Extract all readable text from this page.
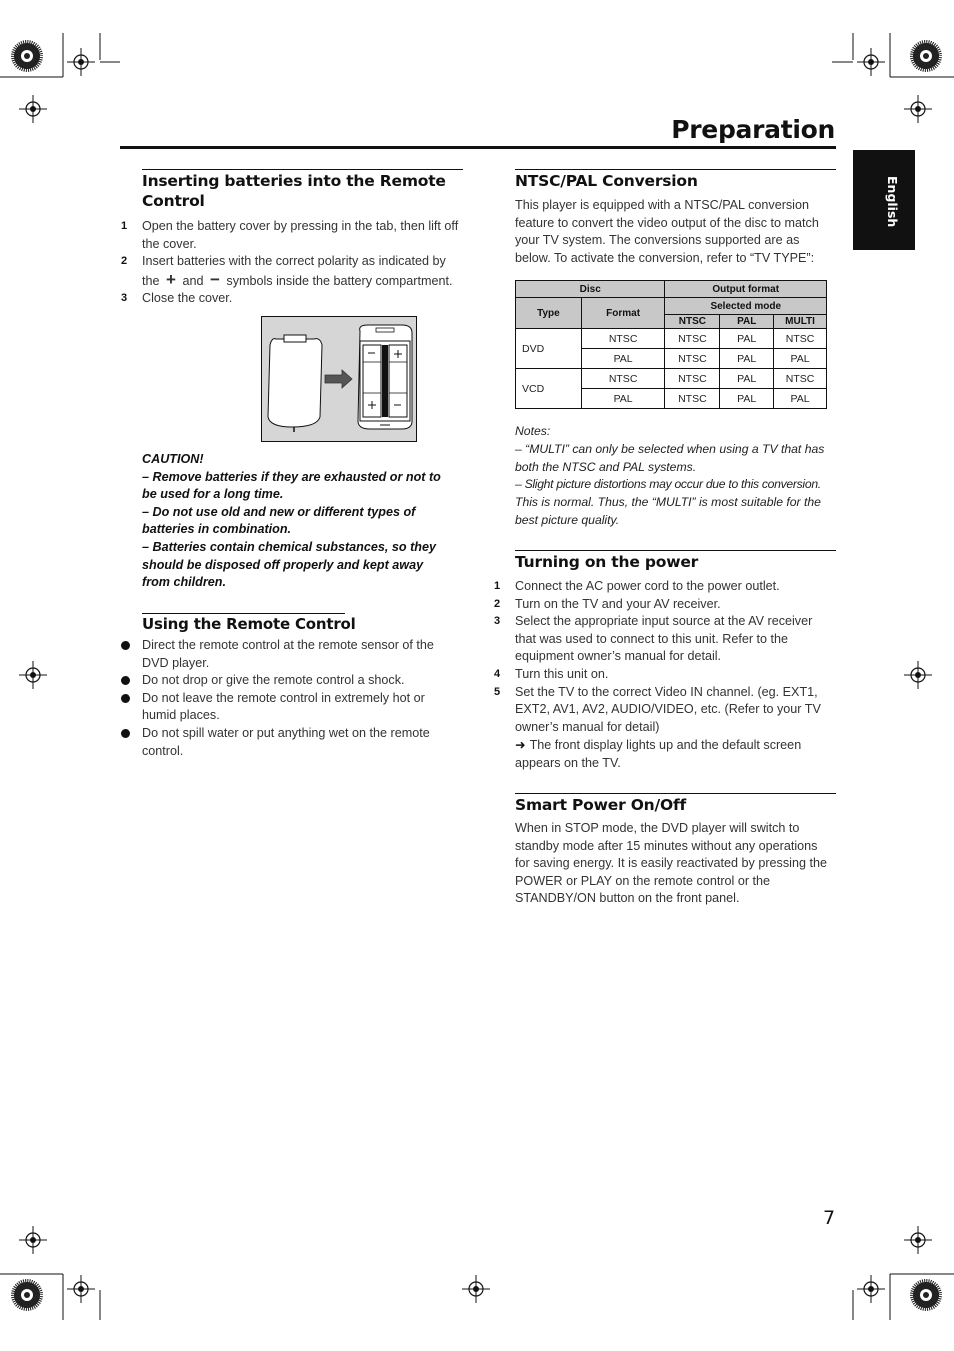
Preparation
English
Inserting batteries into the Remote
Control
1 Open the battery cover by pressing in the tab, then lift off
the cover.
2 Insert batteries with the correct polarity as indicated by
the + and − symbols inside the battery compartment.
3 Close the cover.
CAUTION!
– Remove batteries if they are exhausted or not to
be used for a long time.
– Do not use old and new or different types of
batteries in combination.
– Batteries contain chemical substances, so they
should be disposed off properly and kept away
from children.
Using the Remote Control
Direct the remote control at the remote sensor of the
DVD player.
Do not drop or give the remote control a shock.
Do not leave the remote control in extremely hot or
humid places.
Do not spill water or put anything wet on the remote
control.
NTSC/PAL Conversion
This player is equipped with a NTSC/PAL conversion
feature to convert the video output of the disc to match
your TV system. The conversions supported are as
below. To activate the conversion, refer to “TV TYPE”:
Disc		Output format		
Type	Format	Selected mode		
		NTSC	PAL	MULTI
DVD	NTSC	NTSC	PAL	NTSC
	PAL	NTSC	PAL	PAL
VCD	NTSC	NTSC	PAL	NTSC
	PAL	NTSC	PAL	PAL
Notes:
– “MULTI” can only be selected when using a TV that has
both the NTSC and PAL systems.
– Slight picture distortions may occur due to this conversion.
This is normal. Thus, the “MULTI” is most suitable for the
best picture quality.
Turning on the power
1 Connect the AC power cord to the power outlet.
2 Turn on the TV and your AV receiver.
3 Select the appropriate input source at the AV receiver
that was used to connect to this unit. Refer to the
equipment owner’s manual for detail.
4 Turn this unit on.
5 Set the TV to the correct Video IN channel. (eg. EXT1,
EXT2, AV1, AV2, AUDIO/VIDEO, etc. (Refer to your TV
owner’s manual for detail)
➜ The front display lights up and the default screen
appears on the TV.
Smart Power On/Off
When in STOP mode, the DVD player will switch to
standby mode after 15 minutes without any operations
for saving energy. It is easily reactivated by pressing the
POWER or PLAY on the remote control or the
STANDBY/ON button on the front panel.
7
